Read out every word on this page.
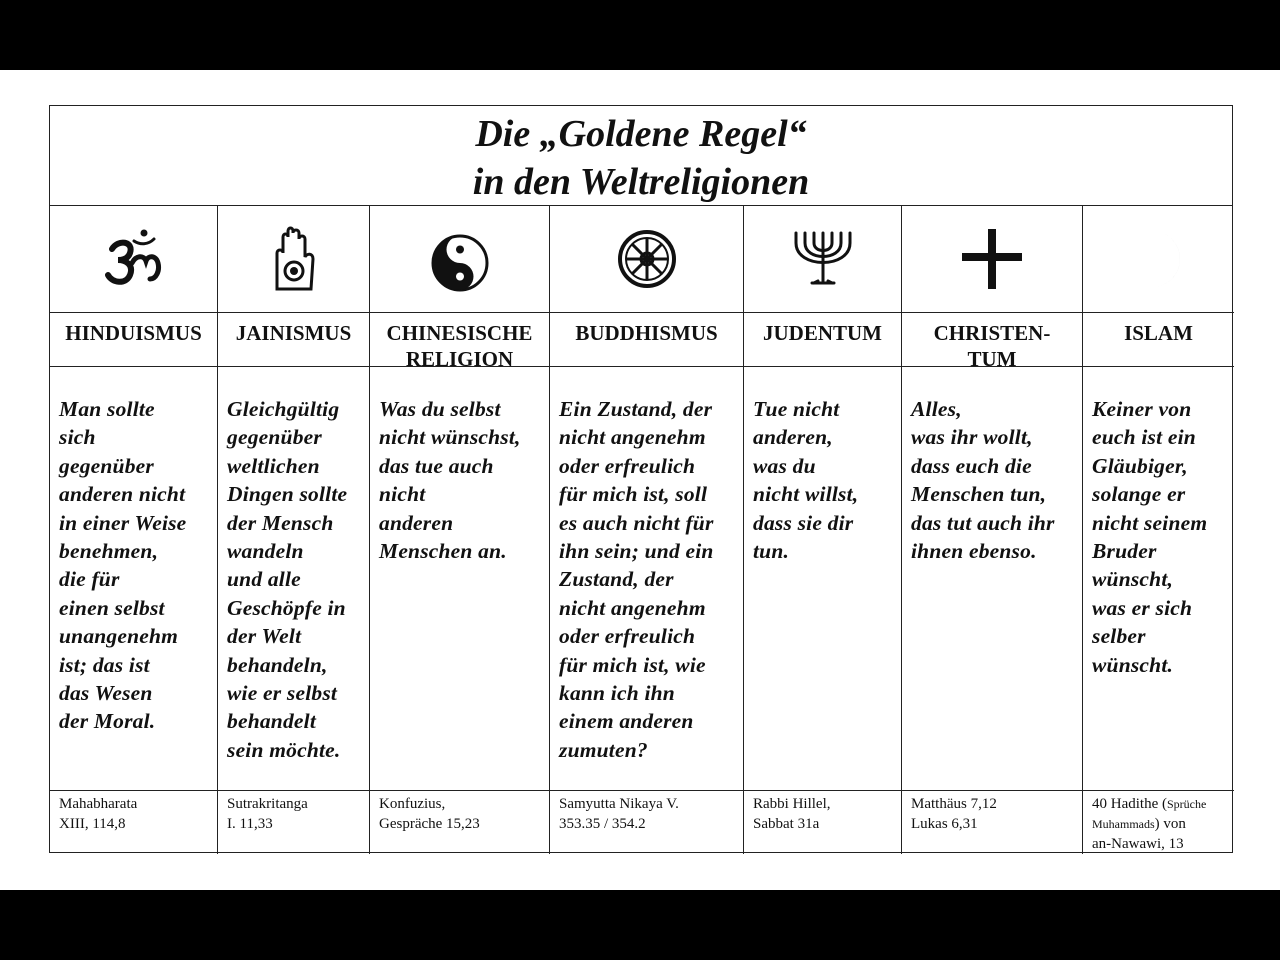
Die „Goldene Regel“
in den Weltreligionen
HINDUISMUS
Man sollte
sich
gegenüber
anderen nicht
in einer Weise
benehmen,
die für
einen selbst
unangenehm
ist; das ist
das Wesen
der Moral.
Mahabharata
XIII, 114,8
JAINISMUS
Gleichgültig
gegenüber
weltlichen
Dingen sollte
der Mensch
wandeln
und alle
Geschöpfe in
der Welt
behandeln,
wie er selbst
behandelt
sein möchte.
Sutrakritanga
I. 11,33
CHINESISCHE
RELIGION
Was du selbst
nicht wünschst,
das tue auch
nicht
anderen
Menschen an.
Konfuzius,
Gespräche 15,23
BUDDHISMUS
Ein Zustand, der
nicht angenehm
oder erfreulich
für mich ist, soll
es auch nicht für
ihn sein; und ein
Zustand, der
nicht angenehm
oder erfreulich
für mich ist, wie
kann ich ihn
einem anderen
zumuten?
Samyutta Nikaya V.
353.35 / 354.2
JUDENTUM
Tue nicht
anderen,
was du
nicht willst,
dass sie dir
tun.
Rabbi Hillel,
Sabbat 31a
CHRISTEN-
TUM
Alles,
was ihr wollt,
dass euch die
Menschen tun,
das tut auch ihr
ihnen ebenso.
Matthäus 7,12
Lukas 6,31
ISLAM
Keiner von
euch ist ein
Gläubiger,
solange er
nicht seinem
Bruder
wünscht,
was er sich
selber
wünscht.
40 Hadithe (Sprüche
Muhammads) von
an-Nawawi, 13
